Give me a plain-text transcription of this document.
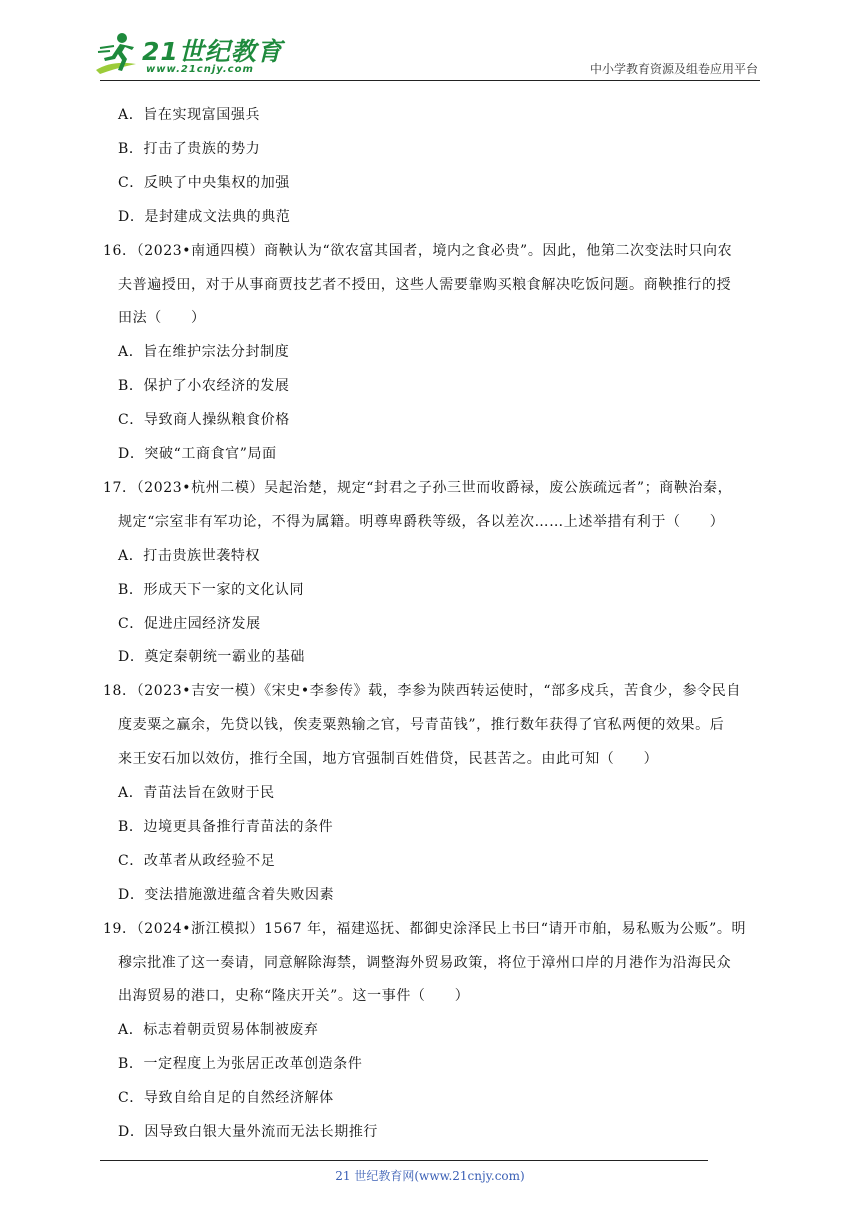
21世纪教育
www.21cnjy.com	中小学教育资源及组卷应用平台
A．旨在实现富国强兵
B．打击了贵族的势力
C．反映了中央集权的加强
D．是封建成文法典的典范
16．（2023•南通四模）商鞅认为“欲农富其国者，境内之食必贵”。因此，他第二次变法时只向农
夫普遍授田，对于从事商贾技艺者不授田，这些人需要靠购买粮食解决吃饭问题。商鞅推行的授
田法（　　）
A．旨在维护宗法分封制度
B．保护了小农经济的发展
C．导致商人操纵粮食价格
D．突破“工商食官”局面
17．（2023•杭州二模）吴起治楚，规定“封君之子孙三世而收爵禄，废公族疏远者”；商鞅治秦，
规定“宗室非有军功论，不得为属籍。明尊卑爵秩等级，各以差次……上述举措有利于（　　）
A．打击贵族世袭特权
B．形成天下一家的文化认同
C．促进庄园经济发展
D．奠定秦朝统一霸业的基础
18．（2023•吉安一模）《宋史•李参传》载，李参为陕西转运使时，“部多戍兵，苦食少，参令民自
度麦粟之赢余，先贷以钱，俟麦粟熟输之官，号青苗钱”，推行数年获得了官私两便的效果。后
来王安石加以效仿，推行全国，地方官强制百姓借贷，民甚苦之。由此可知（　　）
A．青苗法旨在敛财于民
B．边境更具备推行青苗法的条件
C．改革者从政经验不足
D．变法措施激进蕴含着失败因素
19．（2024•浙江模拟）1567 年，福建巡抚、都御史涂泽民上书曰“请开市舶，易私贩为公贩”。明
穆宗批准了这一奏请，同意解除海禁，调整海外贸易政策，将位于漳州口岸的月港作为沿海民众
出海贸易的港口，史称“隆庆开关”。这一事件（　　）
A．标志着朝贡贸易体制被废弃
B．一定程度上为张居正改革创造条件
C．导致自给自足的自然经济解体
D．因导致白银大量外流而无法长期推行
21 世纪教育网(www.21cnjy.com)
